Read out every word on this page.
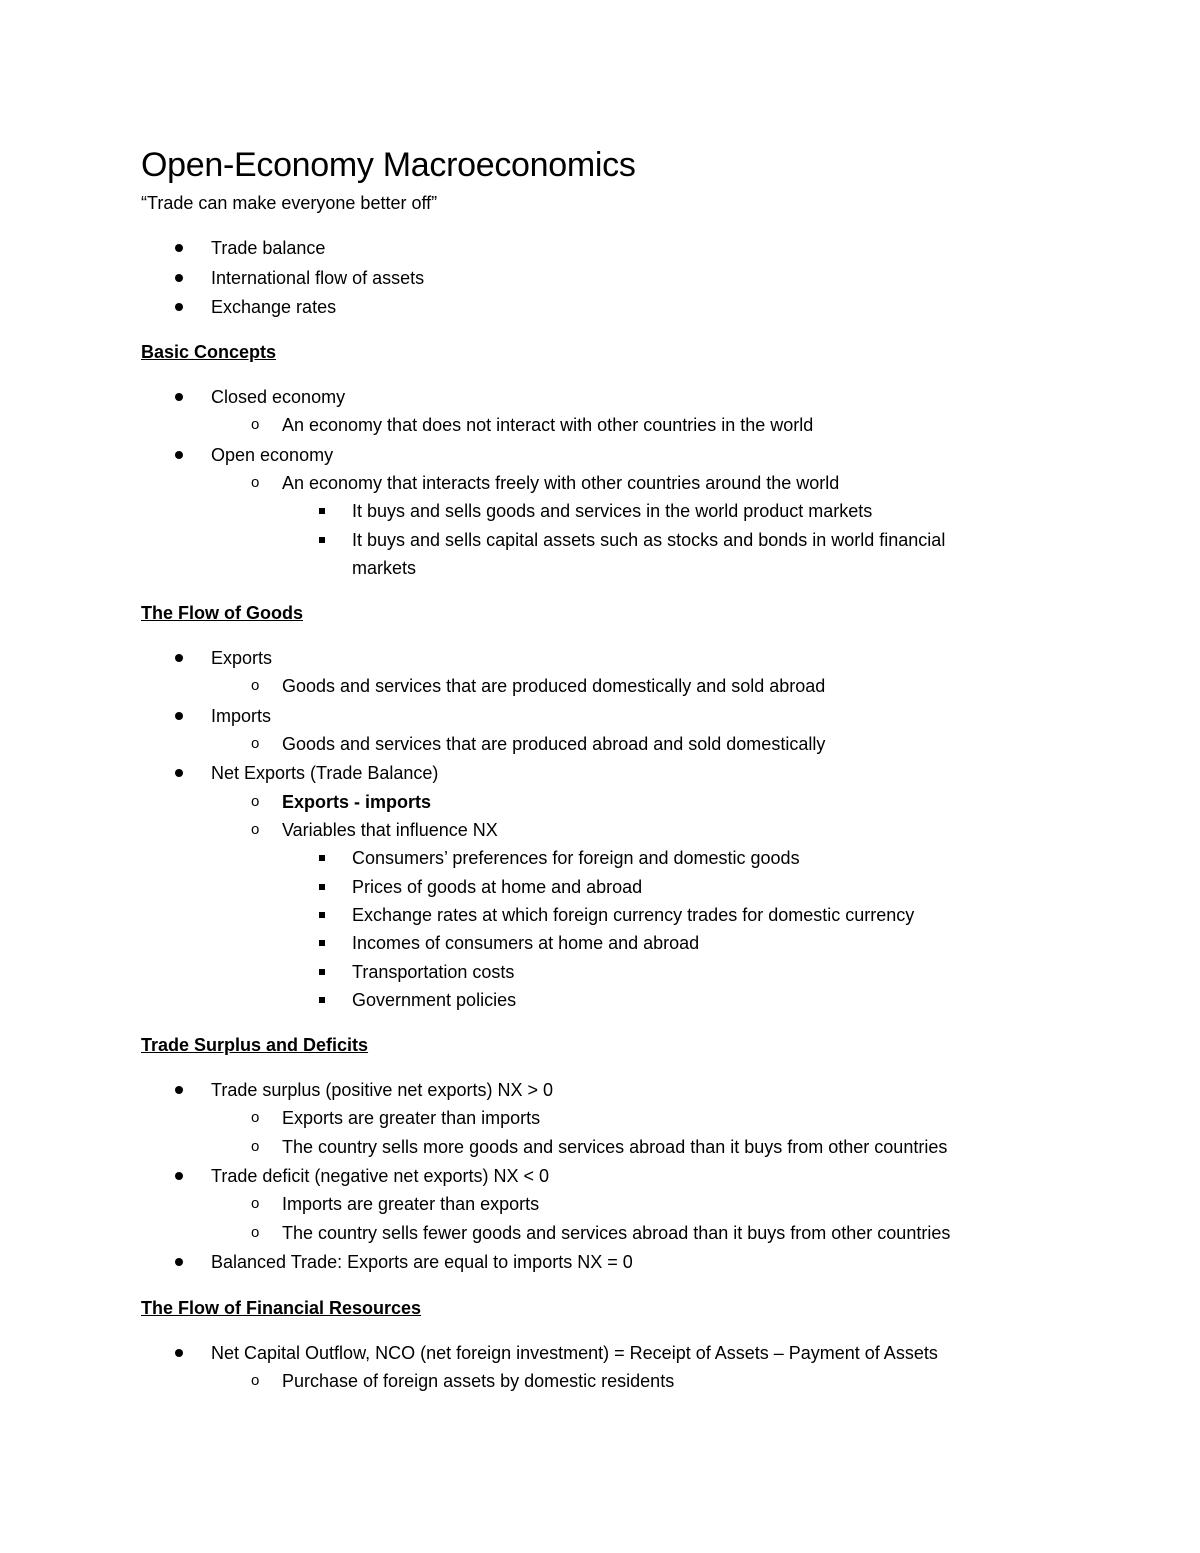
Open-Economy Macroeconomics
“Trade can make everyone better off”
Trade balance
International flow of assets
Exchange rates
Basic Concepts
Closed economy
o An economy that does not interact with other countries in the world
Open economy
o An economy that interacts freely with other countries around the world
It buys and sells goods and services in the world product markets
It buys and sells capital assets such as stocks and bonds in world financial
markets
The Flow of Goods
Exports
o Goods and services that are produced domestically and sold abroad
Imports
o Goods and services that are produced abroad and sold domestically
Net Exports (Trade Balance)
o Exports - imports
o Variables that influence NX
Consumers’ preferences for foreign and domestic goods
Prices of goods at home and abroad
Exchange rates at which foreign currency trades for domestic currency
Incomes of consumers at home and abroad
Transportation costs
Government policies
Trade Surplus and Deficits
Trade surplus (positive net exports) NX > 0
o Exports are greater than imports
o The country sells more goods and services abroad than it buys from other countries
Trade deficit (negative net exports) NX < 0
o Imports are greater than exports
o The country sells fewer goods and services abroad than it buys from other countries
Balanced Trade: Exports are equal to imports NX = 0
The Flow of Financial Resources
Net Capital Outflow, NCO (net foreign investment) = Receipt of Assets – Payment of Assets
o Purchase of foreign assets by domestic residents
